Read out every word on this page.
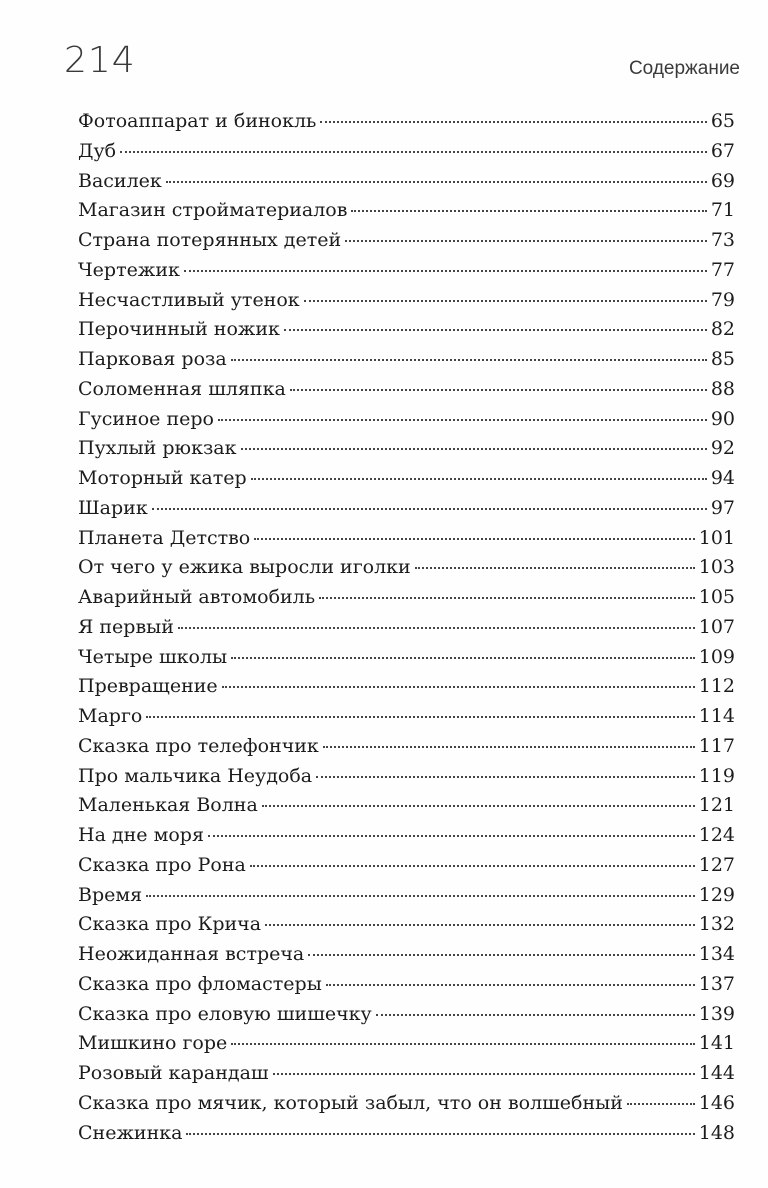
214	Содержание
Фотоаппарат и бинокль	65
Дуб	67
Василек	69
Магазин стройматериалов	71
Страна потерянных детей	73
Чертежик	77
Несчастливый утенок	79
Перочинный ножик	82
Парковая роза	85
Соломенная шляпка	88
Гусиное перо	90
Пухлый рюкзак	92
Моторный катер	94
Шарик	97
Планета Детство	101
От чего у ежика выросли иголки	103
Аварийный автомобиль	105
Я первый	107
Четыре школы	109
Превращение	112
Марго	114
Сказка про телефончик	117
Про мальчика Неудоба	119
Маленькая Волна	121
На дне моря	124
Сказка про Рона	127
Время	129
Сказка про Крича	132
Неожиданная встреча	134
Сказка про фломастеры	137
Сказка про еловую шишечку	139
Мишкино горе	141
Розовый карандаш	144
Сказка про мячик, который забыл, что он волшебный	146
Снежинка	148
